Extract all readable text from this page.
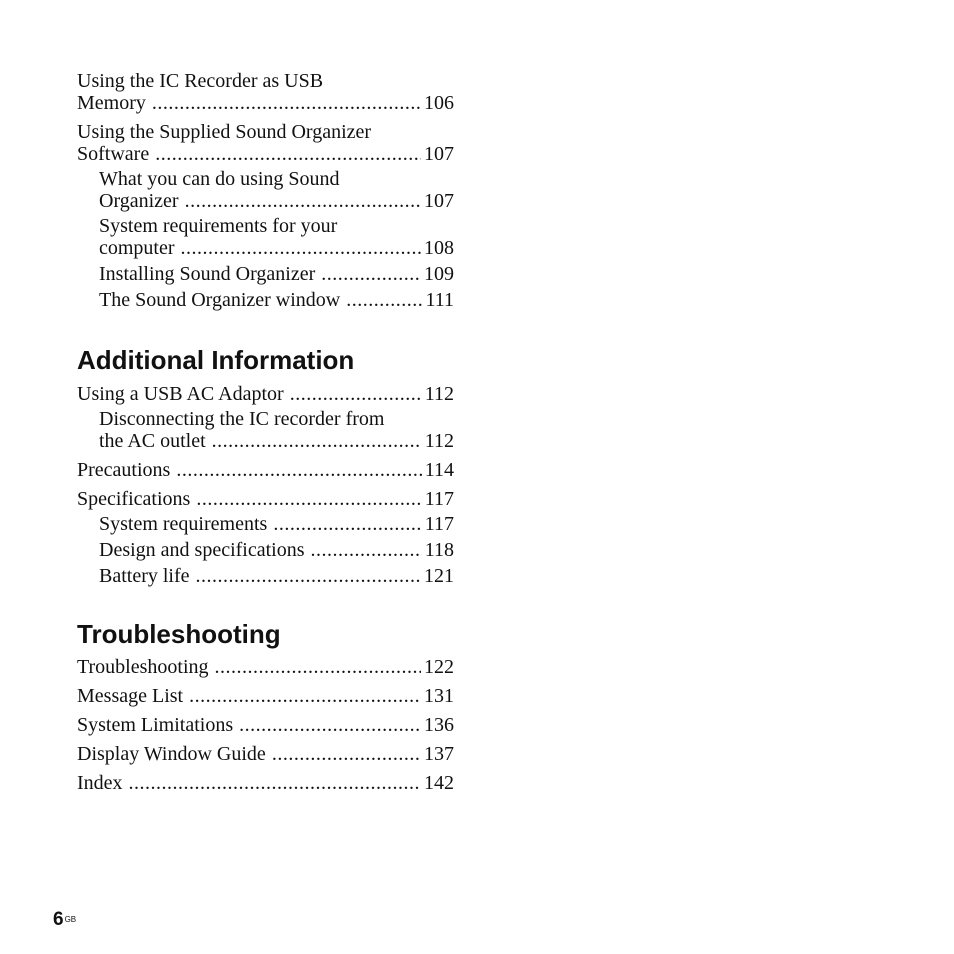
Using the IC Recorder as USB
Memory .....	106
Using the Supplied Sound Organizer
Software .....	107
What you can do using Sound
Organizer .....	107
System requirements for your
computer .....	108
Installing Sound Organizer .....	109
The Sound Organizer window .....	111
Additional Information
Using a USB AC Adaptor .....	112
Disconnecting the IC recorder from
the AC outlet .....	112
Precautions .....	114
Specifications .....	117
System requirements .....	117
Design and specifications .....	118
Battery life .....	121
Troubleshooting
Troubleshooting .....	122
Message List .....	131
System Limitations .....	136
Display Window Guide .....	137
Index .....	142
$6^{GB}$
